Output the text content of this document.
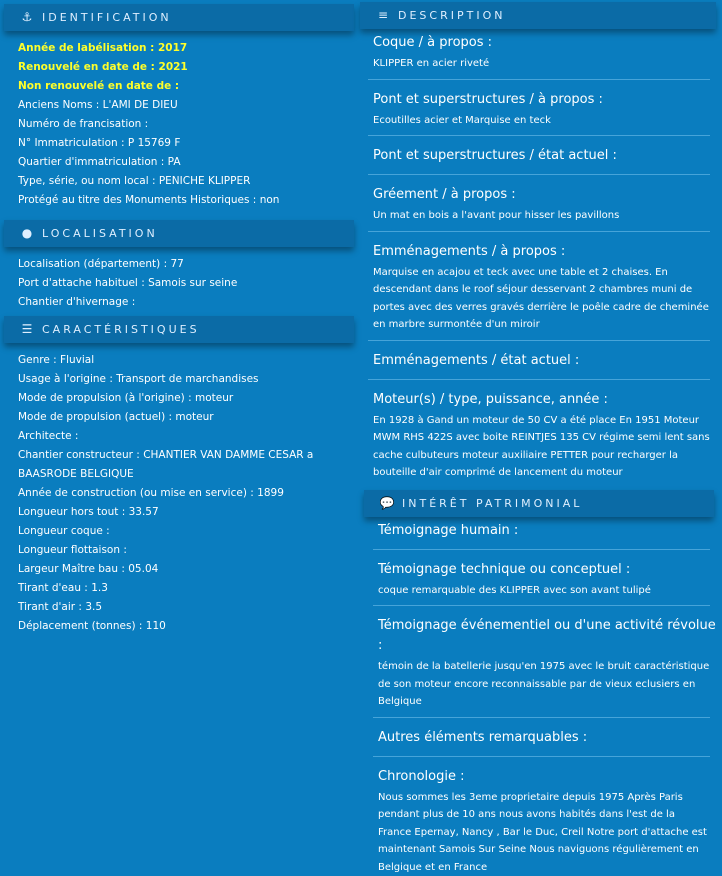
⚓ IDENTIFICATION
Année de labélisation : 2017
Renouvelé en date de : 2021
Non renouvelé en date de :
Anciens Noms : L'AMI DE DIEU
Numéro de francisation :
N° Immatriculation : P 15769 F
Quartier d'immatriculation : PA
Type, série, ou nom local : PENICHE KLIPPER
Protégé au titre des Monuments Historiques : non
● LOCALISATION
Localisation (département) : 77
Port d'attache habituel : Samois sur seine
Chantier d'hivernage :
☰ CARACTÉRISTIQUES
Genre : Fluvial
Usage à l'origine : Transport de marchandises
Mode de propulsion (à l'origine) : moteur
Mode de propulsion (actuel) : moteur
Architecte :
Chantier constructeur : CHANTIER VAN DAMME CESAR a BAASRODE BELGIQUE
Année de construction (ou mise en service) : 1899
Longueur hors tout : 33.57
Longueur coque :
Longueur flottaison :
Largeur Maître bau : 05.04
Tirant d'eau : 1.3
Tirant d'air : 3.5
Déplacement (tonnes) : 110
≡ DESCRIPTION
Coque / à propos :
KLIPPER en acier riveté
Pont et superstructures / à propos :
Ecoutilles acier et Marquise en teck
Pont et superstructures / état actuel :
Gréement / à propos :
Un mat en bois a l'avant pour hisser les pavillons
Emménagements / à propos :
Marquise en acajou et teck avec une table et 2 chaises. En descendant dans le roof séjour desservant 2 chambres muni de portes avec des verres gravés derrière le poêle cadre de cheminée en marbre surmontée d'un miroir
Emménagements / état actuel :
Moteur(s) / type, puissance, année :
En 1928 à Gand un moteur de 50 CV a été place En 1951 Moteur MWM RHS 422S avec boite REINTJES 135 CV régime semi lent sans cache culbuteurs moteur auxiliaire PETTER pour recharger la bouteille d'air comprimé de lancement du moteur
💬 INTÉRÊT PATRIMONIAL
Témoignage humain :
Témoignage technique ou conceptuel :
coque remarquable des KLIPPER avec son avant tulipé
Témoignage événementiel ou d'une activité révolue :
témoin de la batellerie jusqu'en 1975 avec le bruit caractéristique de son moteur encore reconnaissable par de vieux eclusiers en Belgique
Autres éléments remarquables :
Chronologie :
Nous sommes les 3eme proprietaire depuis 1975 Après Paris pendant plus de 10 ans nous avons habités dans l'est de la France Epernay, Nancy , Bar le Duc, Creil Notre port d'attache est maintenant Samois Sur Seine Nous naviguons régulièrement en Belgique et en France
